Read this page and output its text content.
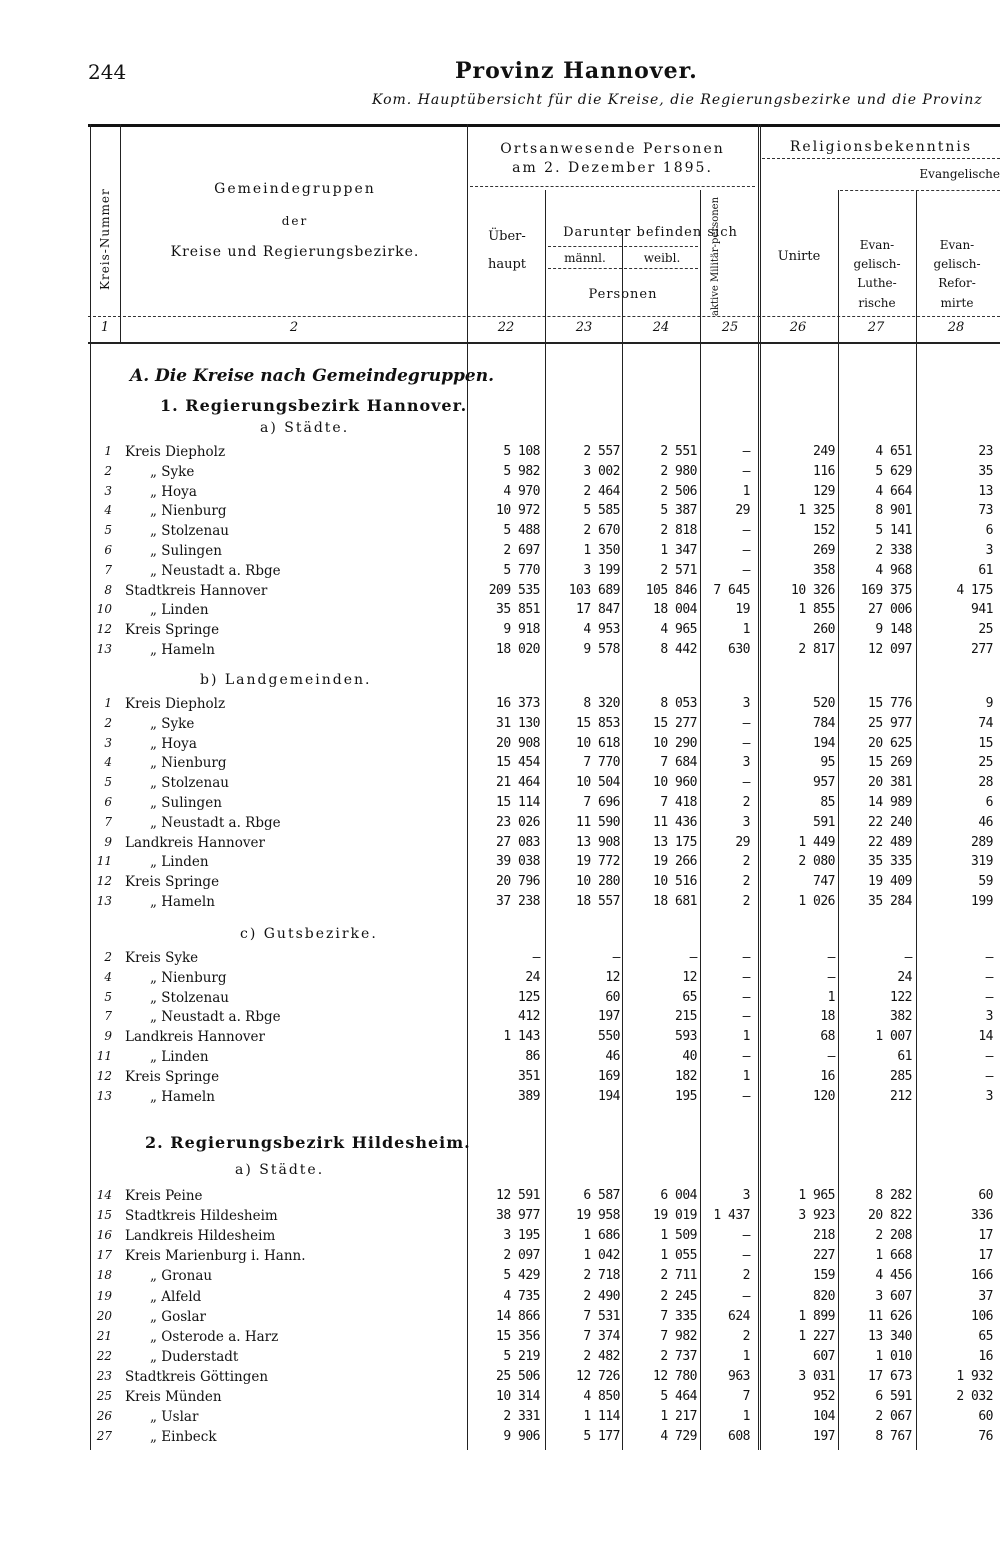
244	Provinz Hannover.
Kom. Hauptübersicht für die Kreise, die Regierungsbezirke und die Provinz
Kreis-Nummer	Gemeindegruppen
der
Kreise und Regierungsbezirke.
Ortsanwesende Personen
am 2. Dezember 1895.
Über-
haupt
Darunter befinden sich
männl.	weibl.
Personen	aktive Militär-personen
Religionsbekenntnis
Evangelische
Unirte
Evan-
gelisch-
Luthe-
rische
Evan-
gelisch-
Refor-
mirte
1	2	22	23	24	25	26	27	28
A. Die Kreise nach Gemeindegruppen.
1. Regierungsbezirk Hannover.
a) Städte.
b) Landgemeinden.
c) Gutsbezirke.
2. Regierungsbezirk Hildesheim.
a) Städte.
1 Kreis Diepholz	5 108	2 557	2 551	—	249	4 651	23
2	„ Syke	5 982	3 002	2 980	—	116	5 629	35
3	„ Hoya	4 970	2 464	2 506	1	129	4 664	13
4	„ Nienburg	10 972	5 585	5 387	29	1 325	8 901	73
5	„ Stolzenau	5 488	2 670	2 818	—	152	5 141	6
6	„ Sulingen	2 697	1 350	1 347	—	269	2 338	3
7	„ Neustadt a. Rbge	5 770	3 199	2 571	—	358	4 968	61
8 Stadtkreis Hannover	209 535	103 689	105 846	7 645	10 326	169 375	4 175
10	„ Linden	35 851	17 847	18 004	19	1 855	27 006	941
12 Kreis Springe	9 918	4 953	4 965	1	260	9 148	25
13	„ Hameln	18 020	9 578	8 442	630	2 817	12 097	277
1 Kreis Diepholz	16 373	8 320	8 053	3	520	15 776	9
2	„ Syke	31 130	15 853	15 277	—	784	25 977	74
3	„ Hoya	20 908	10 618	10 290	—	194	20 625	15
4	„ Nienburg	15 454	7 770	7 684	3	95	15 269	25
5	„ Stolzenau	21 464	10 504	10 960	—	957	20 381	28
6	„ Sulingen	15 114	7 696	7 418	2	85	14 989	6
7	„ Neustadt a. Rbge	23 026	11 590	11 436	3	591	22 240	46
9 Landkreis Hannover	27 083	13 908	13 175	29	1 449	22 489	289
11	„ Linden	39 038	19 772	19 266	2	2 080	35 335	319
12 Kreis Springe	20 796	10 280	10 516	2	747	19 409	59
13	„ Hameln	37 238	18 557	18 681	2	1 026	35 284	199
2 Kreis Syke	—	—	—	—	—	—	—
4	„ Nienburg	24	12	12	—	—	24	—
5	„ Stolzenau	125	60	65	—	1	122	—
7	„ Neustadt a. Rbge	412	197	215	—	18	382	3
9 Landkreis Hannover	1 143	550	593	1	68	1 007	14
11	„ Linden	86	46	40	—	—	61	—
12 Kreis Springe	351	169	182	1	16	285	—
13	„ Hameln	389	194	195	—	120	212	3
14 Kreis Peine	12 591	6 587	6 004	3	1 965	8 282	60
15 Stadtkreis Hildesheim	38 977	19 958	19 019	1 437	3 923	20 822	336
16 Landkreis Hildesheim	3 195	1 686	1 509	—	218	2 208	17
17 Kreis Marienburg i. Hann.	2 097	1 042	1 055	—	227	1 668	17
18	„ Gronau	5 429	2 718	2 711	2	159	4 456	166
19	„ Alfeld	4 735	2 490	2 245	—	820	3 607	37
20	„ Goslar	14 866	7 531	7 335	624	1 899	11 626	106
21	„ Osterode a. Harz	15 356	7 374	7 982	2	1 227	13 340	65
22	„ Duderstadt	5 219	2 482	2 737	1	607	1 010	16
23 Stadtkreis Göttingen	25 506	12 726	12 780	963	3 031	17 673	1 932
25 Kreis Münden	10 314	4 850	5 464	7	952	6 591	2 032
26	„ Uslar	2 331	1 114	1 217	1	104	2 067	60
27	„ Einbeck	9 906	5 177	4 729	608	197	8 767	76
